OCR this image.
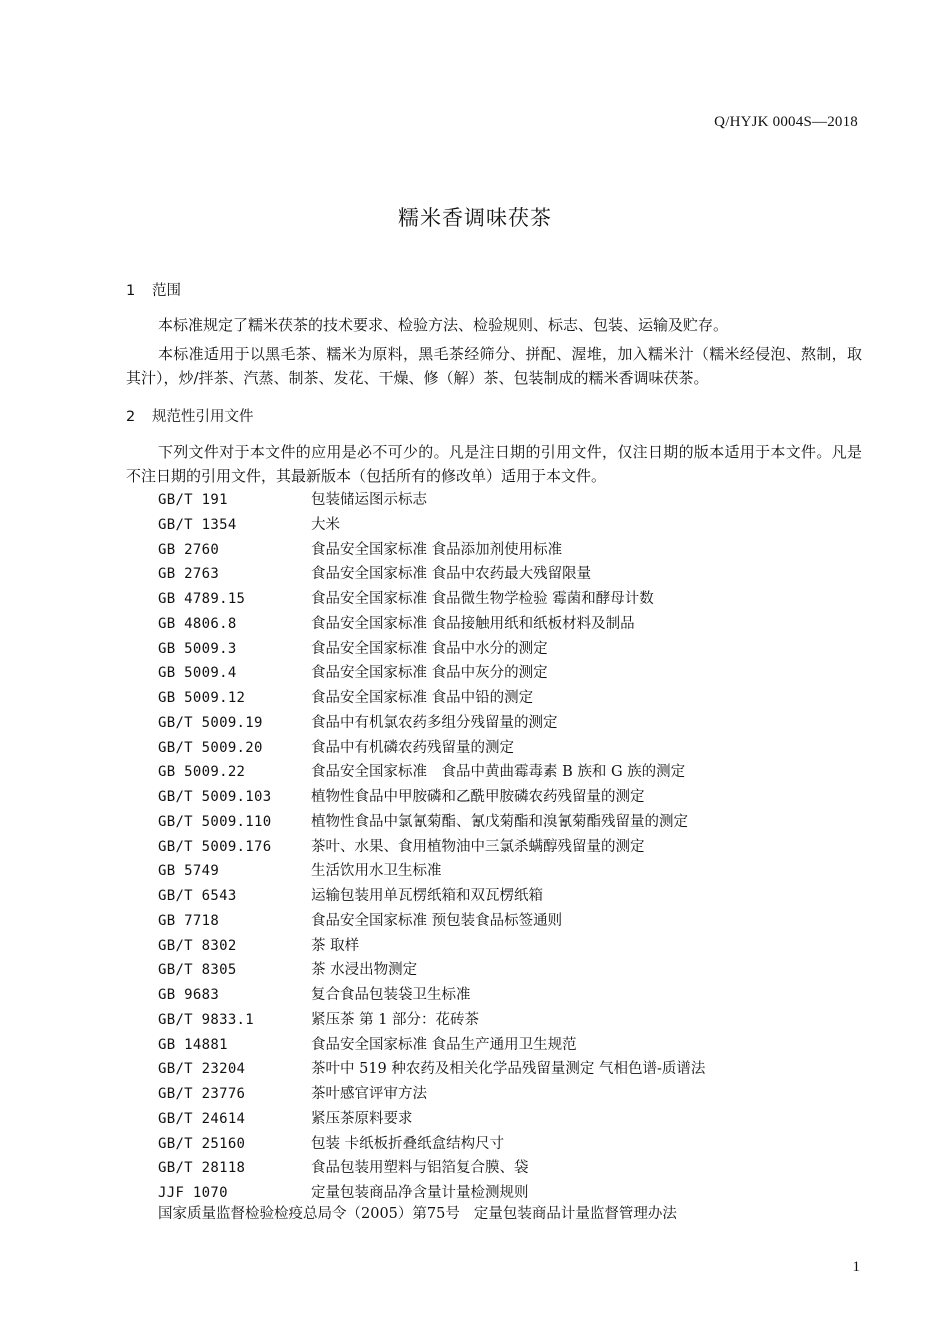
Q/HYJK 0004S—2018
糯米香调味茯茶
1 范围

本标准规定了糯米茯茶的技术要求、检验方法、检验规则、标志、包装、运输及贮存。

本标准适用于以黑毛茶、糯米为原料，黑毛茶经筛分、拼配、渥堆，加入糯米汁（糯米经侵泡、熬制，取其汁），炒/拌茶、汽蒸、制茶、发花、干燥、修（解）茶、包装制成的糯米香调味茯茶。

2 规范性引用文件

下列文件对于本文件的应用是必不可少的。凡是注日期的引用文件，仅注日期的版本适用于本文件。凡是不注日期的引用文件，其最新版本（包括所有的修改单）适用于本文件。

GB/T 191	包装储运图示标志
GB/T 1354	大米
GB 2760	食品安全国家标准 食品添加剂使用标准
GB 2763	食品安全国家标准 食品中农药最大残留限量
GB 4789.15	食品安全国家标准 食品微生物学检验 霉菌和酵母计数
GB 4806.8	食品安全国家标准 食品接触用纸和纸板材料及制品
GB 5009.3	食品安全国家标准 食品中水分的测定
GB 5009.4	食品安全国家标准 食品中灰分的测定
GB 5009.12	食品安全国家标准 食品中铅的测定
GB/T 5009.19	食品中有机氯农药多组分残留量的测定
GB/T 5009.20	食品中有机磷农药残留量的测定
GB 5009.22	食品安全国家标准　食品中黄曲霉毒素 B 族和 G 族的测定
GB/T 5009.103	植物性食品中甲胺磷和乙酰甲胺磷农药残留量的测定
GB/T 5009.110	植物性食品中氯氰菊酯、氰戊菊酯和溴氰菊酯残留量的测定
GB/T 5009.176	茶叶、水果、食用植物油中三氯杀螨醇残留量的测定
GB 5749	生活饮用水卫生标准
GB/T 6543	运输包装用单瓦楞纸箱和双瓦楞纸箱
GB 7718	食品安全国家标准 预包装食品标签通则
GB/T 8302	茶 取样
GB/T 8305	茶 水浸出物测定
GB 9683	复合食品包装袋卫生标准
GB/T 9833.1	紧压茶 第 1 部分：花砖茶
GB 14881	食品安全国家标准 食品生产通用卫生规范
GB/T 23204	茶叶中 519 种农药及相关化学品残留量测定 气相色谱-质谱法
GB/T 23776	茶叶感官评审方法
GB/T 24614	紧压茶原料要求
GB/T 25160	包装 卡纸板折叠纸盒结构尺寸
GB/T 28118	食品包装用塑料与铝箔复合膜、袋
JJF 1070	定量包装商品净含量计量检测规则
国家质量监督检验检疫总局令（2005）第75号 定量包装商品计量监督管理办法
1
